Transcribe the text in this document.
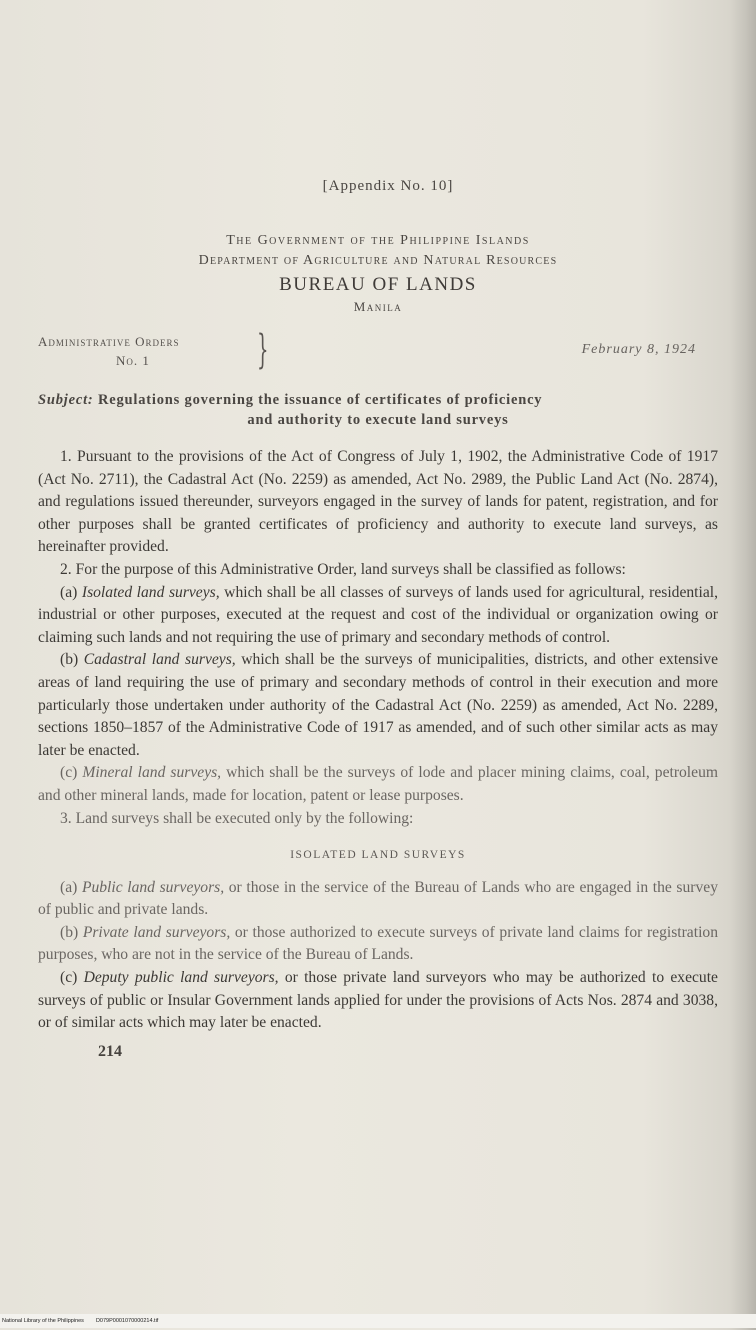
[Appendix No. 10]
The Government of the Philippine Islands
Department of Agriculture and Natural Resources
BUREAU OF LANDS
Manila
Administrative Orders
No. 1	}	February 8, 1924
Subject: Regulations governing the issuance of certificates of proficiency
and authority to execute land surveys

1. Pursuant to the provisions of the Act of Congress of July 1, 1902, the Administrative Code of 1917 (Act No. 2711), the Cadastral Act (No. 2259) as amended, Act No. 2989, the Public Land Act (No. 2874), and regulations issued thereunder, surveyors engaged in the survey of lands for patent, registration, and for other purposes shall be granted certificates of proficiency and authority to execute land surveys, as hereinafter provided.

2. For the purpose of this Administrative Order, land surveys shall be classified as follows:

(a) Isolated land surveys, which shall be all classes of surveys of lands used for agricultural, residential, industrial or other purposes, executed at the request and cost of the individual or organization owing or claiming such lands and not requiring the use of primary and secondary methods of control.

(b) Cadastral land surveys, which shall be the surveys of municipalities, districts, and other extensive areas of land requiring the use of primary and secondary methods of control in their execution and more particularly those undertaken under authority of the Cadastral Act (No. 2259) as amended, Act No. 2289, sections 1850–1857 of the Administrative Code of 1917 as amended, and of such other similar acts as may later be enacted.

(c) Mineral land surveys, which shall be the surveys of lode and placer mining claims, coal, petroleum and other mineral lands, made for location, patent or lease purposes.

3. Land surveys shall be executed only by the following:

ISOLATED LAND SURVEYS

(a) Public land surveyors, or those in the service of the Bureau of Lands who are engaged in the survey of public and private lands.

(b) Private land surveyors, or those authorized to execute surveys of private land claims for registration purposes, who are not in the service of the Bureau of Lands.

(c) Deputy public land surveyors, or those private land surveyors who may be authorized to execute surveys of public or Insular Government lands applied for under the provisions of Acts Nos. 2874 and 3038, or of similar acts which may later be enacted.

214
National Library of the Philippines D079P0001070000214.tif
